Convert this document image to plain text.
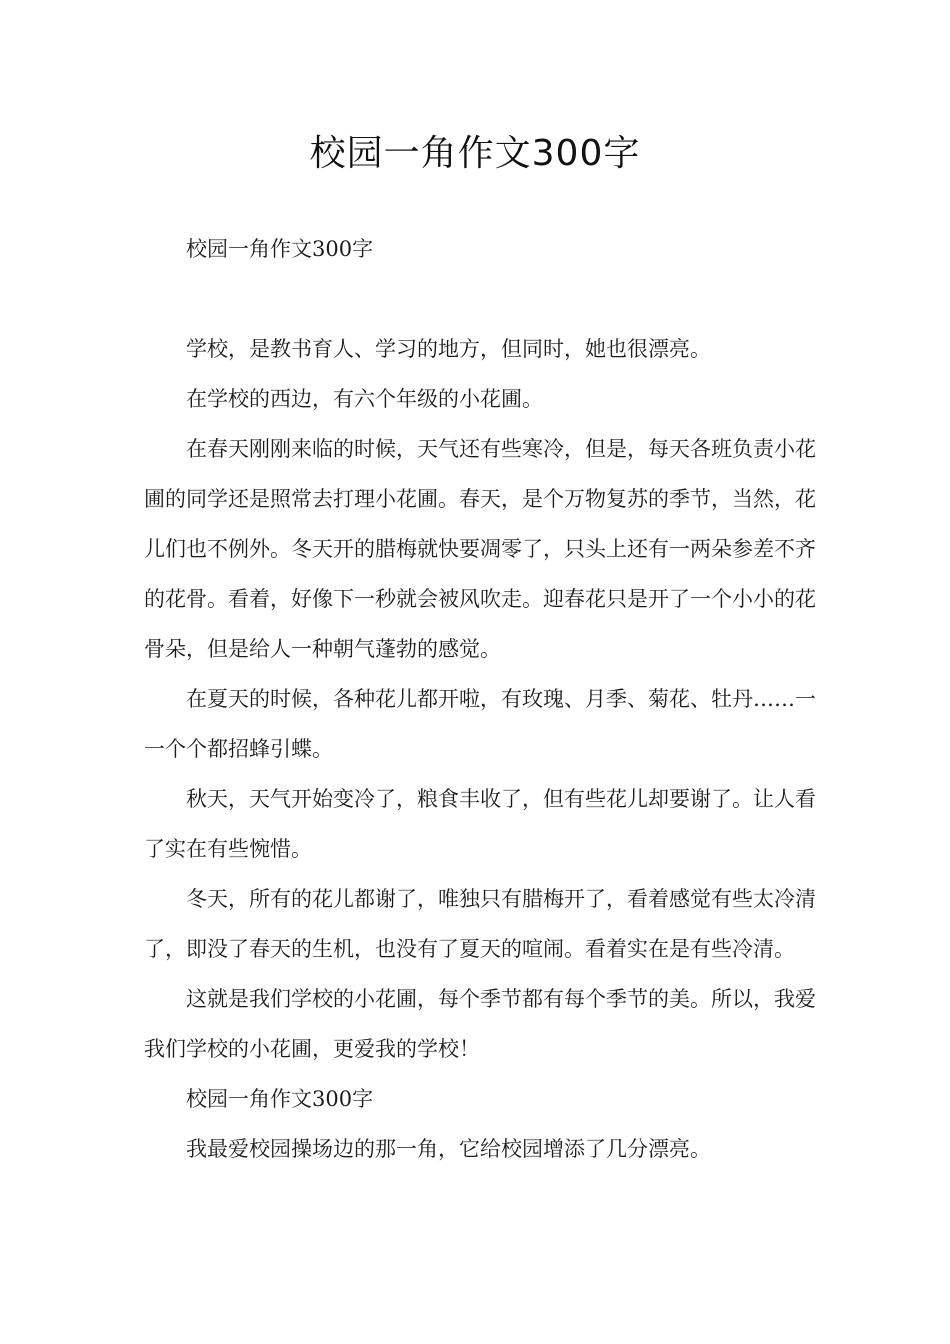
校园一角作文300字

校园一角作文300字

学校，是教书育人、学习的地方，但同时，她也很漂亮。

在学校的西边，有六个年级的小花圃。

在春天刚刚来临的时候，天气还有些寒冷，但是，每天各班负责小花圃的同学还是照常去打理小花圃。春天，是个万物复苏的季节，当然，花儿们也不例外。冬天开的腊梅就快要凋零了，只头上还有一两朵参差不齐的花骨。看着，好像下一秒就会被风吹走。迎春花只是开了一个小小的花骨朵，但是给人一种朝气蓬勃的感觉。

在夏天的时候，各种花儿都开啦，有玫瑰、月季、菊花、牡丹……一一个个都招蜂引蝶。

秋天，天气开始变冷了，粮食丰收了，但有些花儿却要谢了。让人看了实在有些惋惜。

冬天，所有的花儿都谢了，唯独只有腊梅开了，看着感觉有些太冷清了，即没了春天的生机，也没有了夏天的喧闹。看着实在是有些冷清。

这就是我们学校的小花圃，每个季节都有每个季节的美。所以，我爱我们学校的小花圃，更爱我的学校！

校园一角作文300字

我最爱校园操场边的那一角，它给校园增添了几分漂亮。
